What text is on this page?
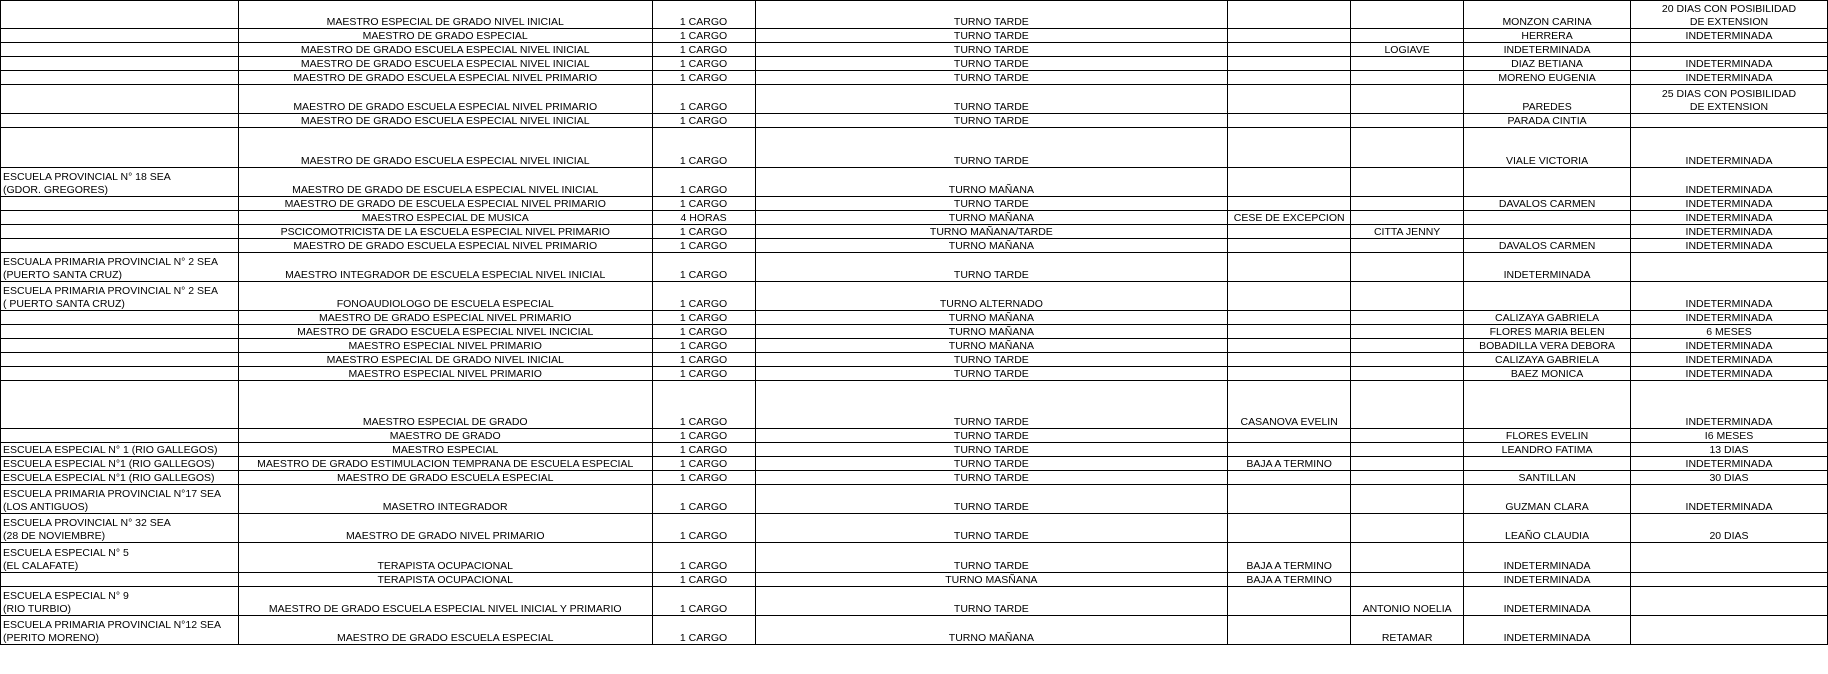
	MAESTRO ESPECIAL DE GRADO NIVEL INICIAL	1 CARGO	TURNO TARDE			MONZON CARINA	20 DIAS CON POSIBILIDAD
DE EXTENSION
	MAESTRO DE GRADO ESPECIAL	1 CARGO	TURNO TARDE			HERRERA	INDETERMINADA
	MAESTRO DE GRADO ESCUELA ESPECIAL NIVEL INICIAL	1 CARGO	TURNO TARDE		LOGIAVE	INDETERMINADA	
	MAESTRO DE GRADO ESCUELA ESPECIAL NIVEL INICIAL	1 CARGO	TURNO TARDE			DIAZ BETIANA	INDETERMINADA
	MAESTRO DE GRADO ESCUELA ESPECIAL NIVEL PRIMARIO	1 CARGO	TURNO TARDE			MORENO EUGENIA	INDETERMINADA
	MAESTRO DE GRADO ESCUELA ESPECIAL NIVEL PRIMARIO	1 CARGO	TURNO TARDE			PAREDES	25 DIAS CON POSIBILIDAD
DE EXTENSION
	MAESTRO DE GRADO ESCUELA ESPECIAL NIVEL INICIAL	1 CARGO	TURNO TARDE			PARADA CINTIA	
	MAESTRO DE GRADO ESCUELA ESPECIAL NIVEL INICIAL	1 CARGO	TURNO TARDE			VIALE VICTORIA	INDETERMINADA
ESCUELA PROVINCIAL N° 18 SEA
(GDOR. GREGORES)	MAESTRO DE GRADO DE ESCUELA ESPECIAL NIVEL INICIAL	1 CARGO	TURNO MAÑANA				INDETERMINADA
	MAESTRO DE GRADO DE ESCUELA ESPECIAL NIVEL PRIMARIO	1 CARGO	TURNO TARDE			DAVALOS CARMEN	INDETERMINADA
	MAESTRO ESPECIAL DE MUSICA	4 HORAS	TURNO MAÑANA	CESE DE EXCEPCION			INDETERMINADA
	PSCICOMOTRICISTA DE LA ESCUELA ESPECIAL NIVEL PRIMARIO	1 CARGO	TURNO MAÑANA/TARDE		CITTA JENNY		INDETERMINADA
	MAESTRO DE GRADO ESCUELA ESPECIAL NIVEL PRIMARIO	1 CARGO	TURNO MAÑANA			DAVALOS CARMEN	INDETERMINADA
ESCUALA PRIMARIA PROVINCIAL N° 2 SEA
(PUERTO SANTA CRUZ)	MAESTRO INTEGRADOR DE ESCUELA ESPECIAL NIVEL INICIAL	1 CARGO	TURNO TARDE			INDETERMINADA	
ESCUELA PRIMARIA PROVINCIAL N° 2 SEA
( PUERTO SANTA CRUZ)	FONOAUDIOLOGO DE ESCUELA ESPECIAL	1 CARGO	TURNO ALTERNADO				INDETERMINADA
	MAESTRO DE GRADO ESPECIAL NIVEL PRIMARIO	1 CARGO	TURNO MAÑANA			CALIZAYA GABRIELA	INDETERMINADA
	MAESTRO DE GRADO ESCUELA ESPECIAL NIVEL INCICIAL	1 CARGO	TURNO MAÑANA			FLORES MARIA BELEN	6 MESES
	MAESTRO ESPECIAL NIVEL PRIMARIO	1 CARGO	TURNO MAÑANA			BOBADILLA VERA DEBORA	INDETERMINADA
	MAESTRO ESPECIAL DE GRADO NIVEL INICIAL	1 CARGO	TURNO TARDE			CALIZAYA GABRIELA	INDETERMINADA
	MAESTRO ESPECIAL NIVEL PRIMARIO	1 CARGO	TURNO TARDE			BAEZ MONICA	INDETERMINADA
	MAESTRO ESPECIAL DE GRADO	1 CARGO	TURNO TARDE	CASANOVA EVELIN			INDETERMINADA
	MAESTRO DE GRADO	1 CARGO	TURNO TARDE			FLORES EVELIN	I6 MESES
ESCUELA ESPECIAL N° 1 (RIO GALLEGOS)	MAESTRO ESPECIAL	1 CARGO	TURNO TARDE			LEANDRO FATIMA	13 DIAS
ESCUELA ESPECIAL N°1 (RIO GALLEGOS)	MAESTRO DE GRADO ESTIMULACION TEMPRANA DE ESCUELA ESPECIAL	1 CARGO	TURNO TARDE	BAJA A TERMINO			INDETERMINADA
ESCUELA ESPECIAL N°1 (RIO GALLEGOS)	MAESTRO DE GRADO ESCUELA ESPECIAL	1 CARGO	TURNO TARDE			SANTILLAN	30 DIAS
ESCUELA PRIMARIA PROVINCIAL N°17 SEA
(LOS ANTIGUOS)	MASETRO INTEGRADOR	1 CARGO	TURNO TARDE			GUZMAN CLARA	INDETERMINADA
ESCUELA PROVINCIAL N° 32 SEA
(28 DE NOVIEMBRE)	MAESTRO DE GRADO NIVEL PRIMARIO	1 CARGO	TURNO TARDE			LEAÑO CLAUDIA	20 DIAS
ESCUELA ESPECIAL N° 5
(EL CALAFATE)	TERAPISTA OCUPACIONAL	1 CARGO	TURNO TARDE	BAJA A TERMINO		INDETERMINADA	
	TERAPISTA OCUPACIONAL	1 CARGO	TURNO MASÑANA	BAJA A TERMINO		INDETERMINADA	
ESCUELA ESPECIAL N° 9
(RIO TURBIO)	MAESTRO DE GRADO ESCUELA ESPECIAL NIVEL INICIAL Y PRIMARIO	1 CARGO	TURNO TARDE		ANTONIO NOELIA	INDETERMINADA	
ESCUELA PRIMARIA PROVINCIAL N°12 SEA
(PERITO MORENO)	MAESTRO DE GRADO ESCUELA ESPECIAL	1 CARGO	TURNO MAÑANA		RETAMAR	INDETERMINADA	
